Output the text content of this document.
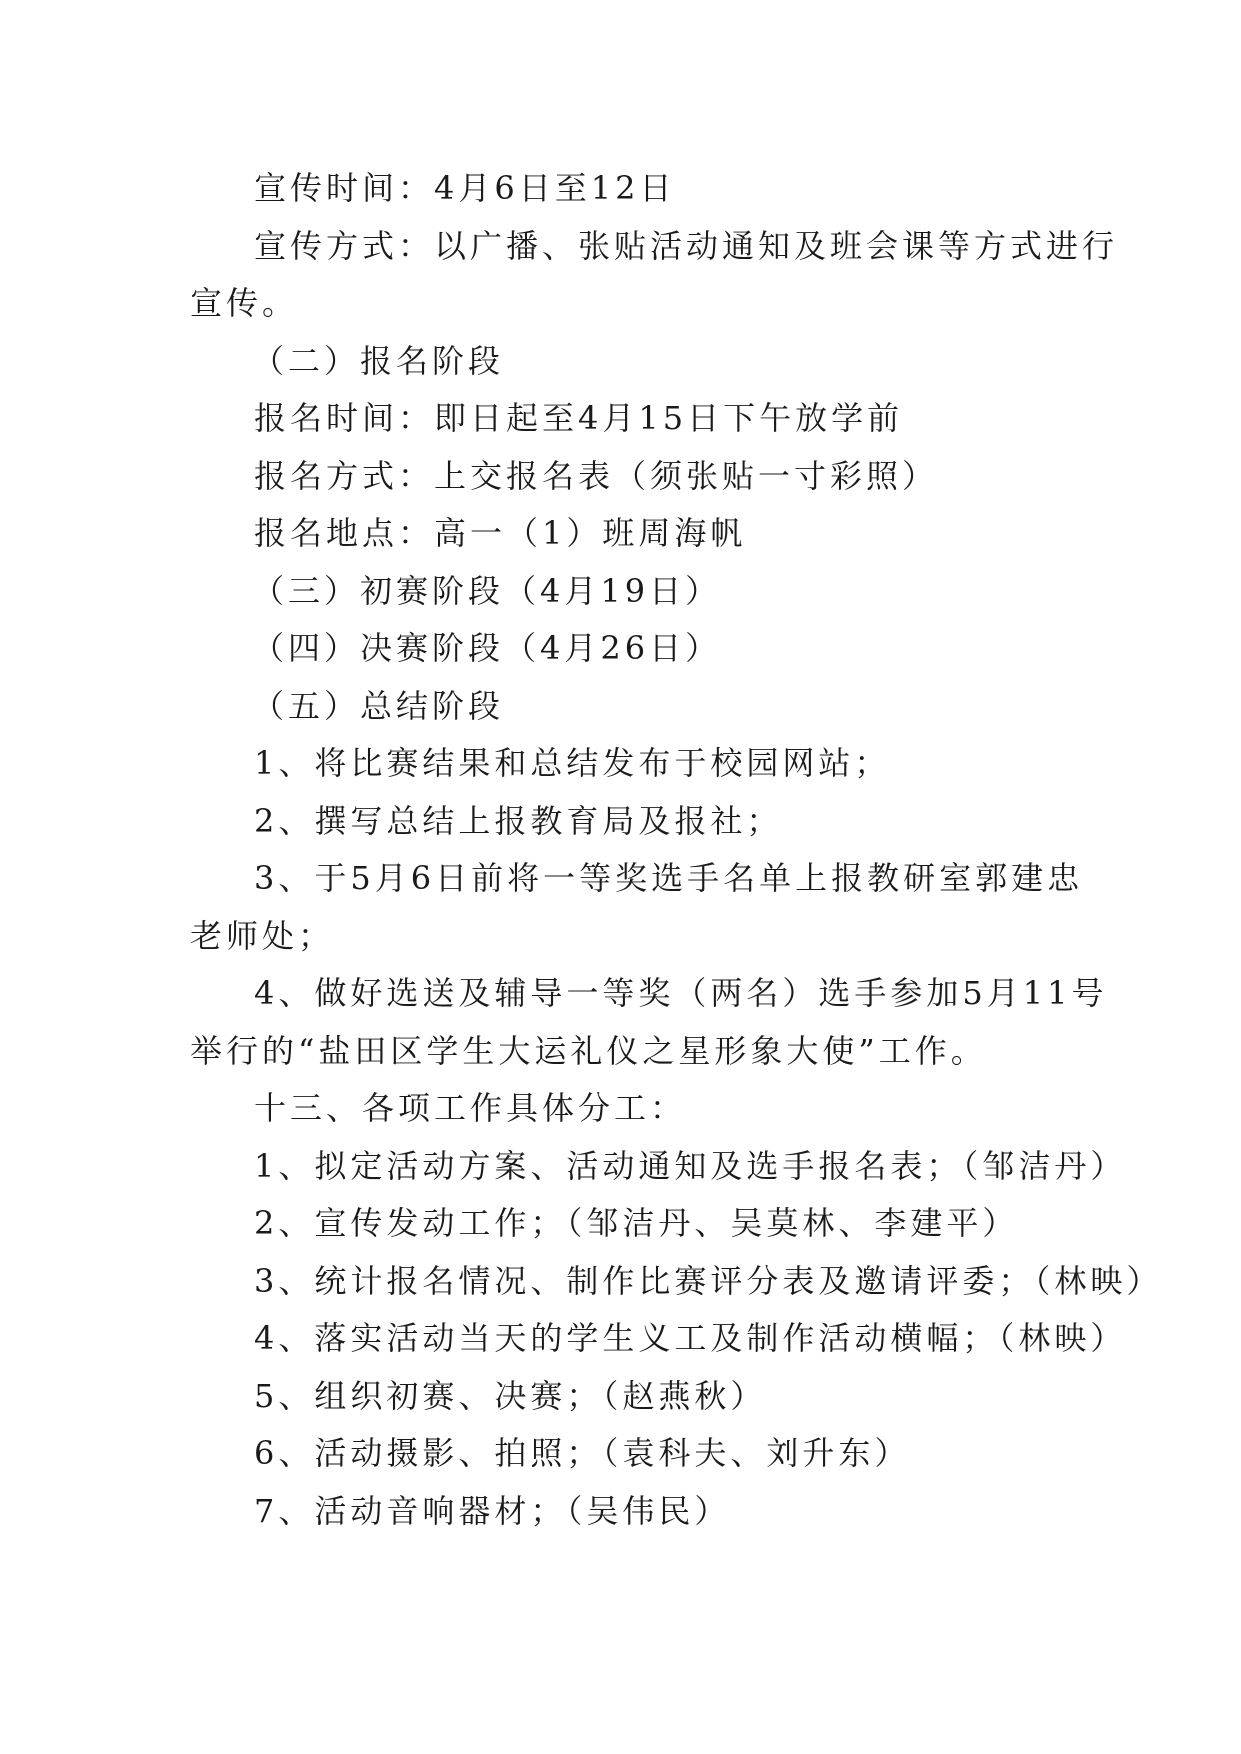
宣传时间：4月6日至12日
宣传方式：以广播、张贴活动通知及班会课等方式进行
宣传。
（二）报名阶段
报名时间：即日起至4月15日下午放学前
报名方式：上交报名表（须张贴一寸彩照）
报名地点：高一（1）班周海帆
（三）初赛阶段（4月19日）
（四）决赛阶段（4月26日）
（五）总结阶段
1、将比赛结果和总结发布于校园网站；
2、撰写总结上报教育局及报社；
3、于5月6日前将一等奖选手名单上报教研室郭建忠
老师处；
4、做好选送及辅导一等奖（两名）选手参加5月11号
举行的“盐田区学生大运礼仪之星形象大使”工作。
十三、各项工作具体分工：
1、拟定活动方案、活动通知及选手报名表；（邹洁丹）
2、宣传发动工作；（邹洁丹、吴莫林、李建平）
3、统计报名情况、制作比赛评分表及邀请评委；（林映）
4、落实活动当天的学生义工及制作活动横幅；（林映）
5、组织初赛、决赛；（赵燕秋）
6、活动摄影、拍照；（袁科夫、刘升东）
7、活动音响器材；（吴伟民）
